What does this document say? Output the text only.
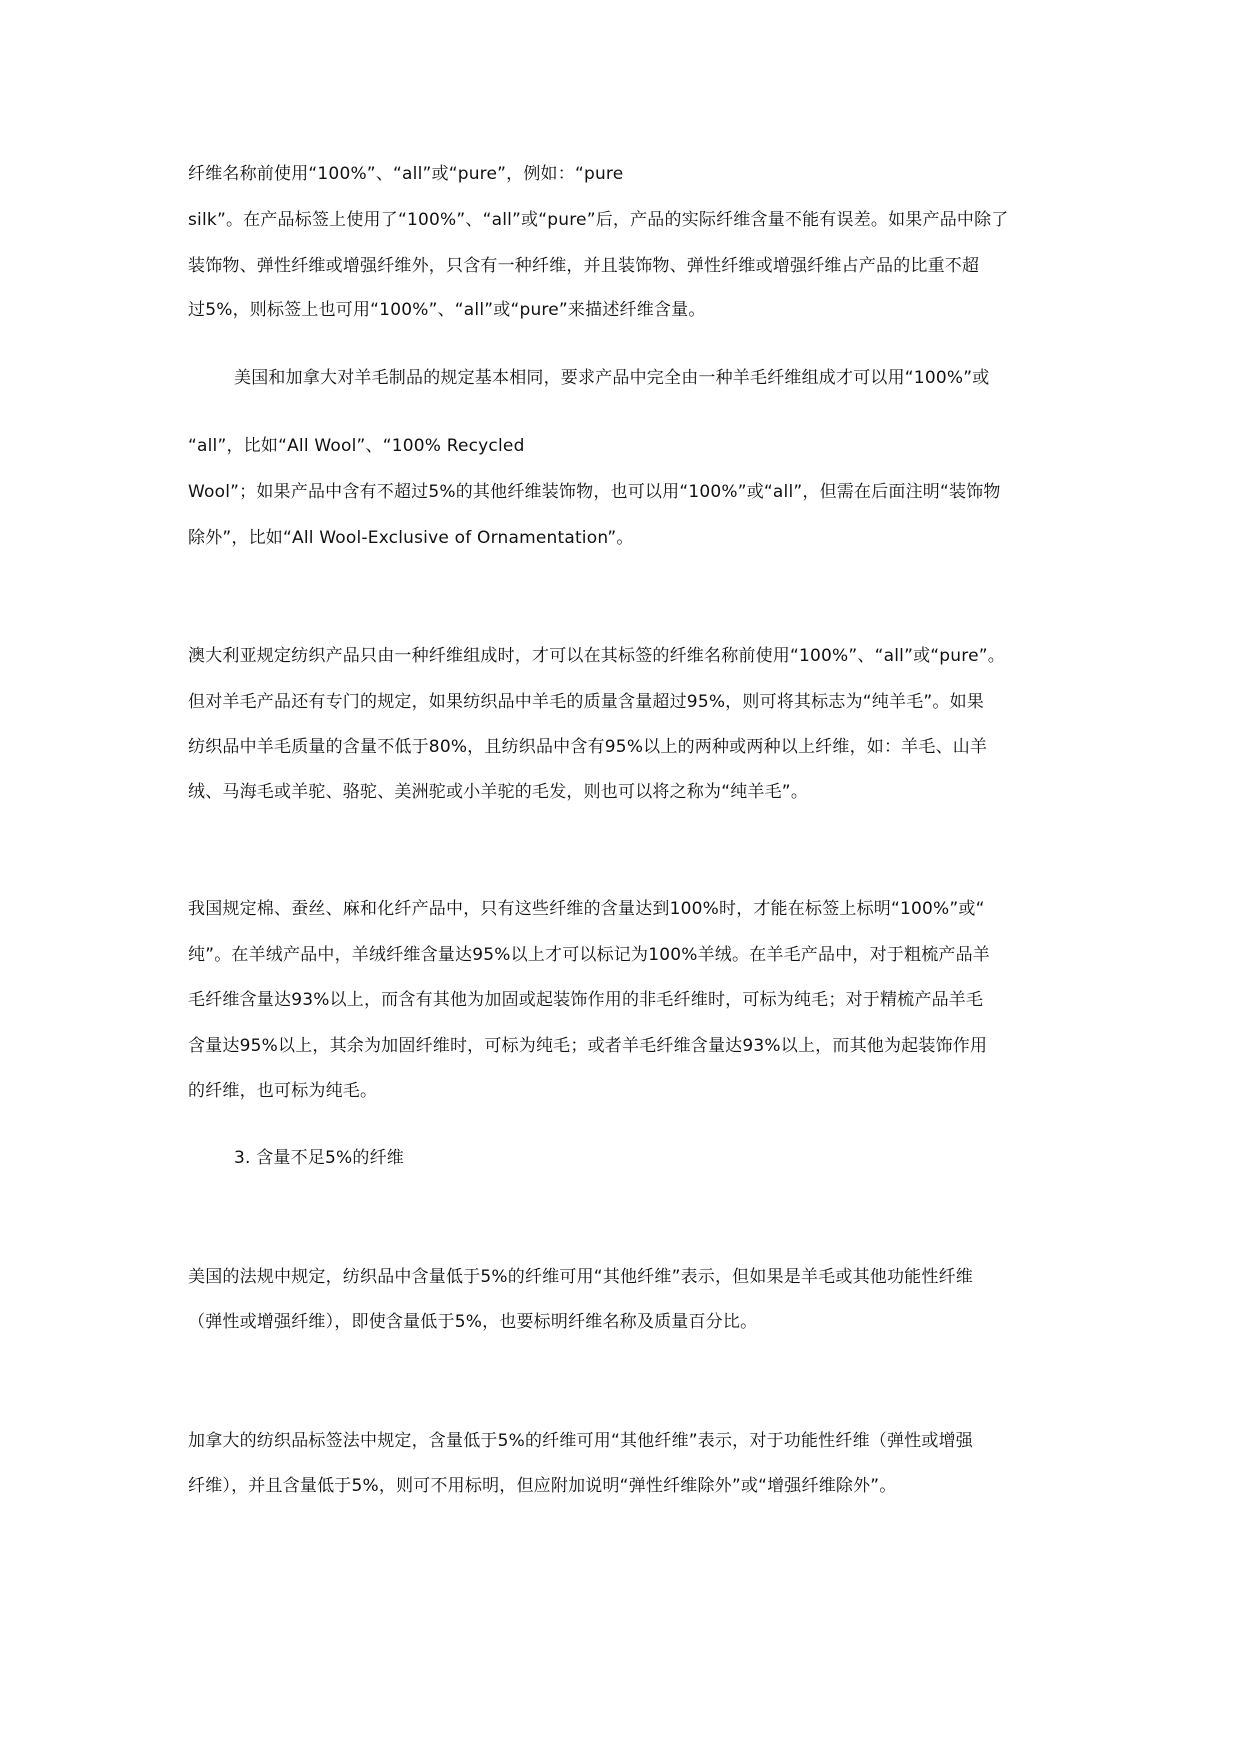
纤维名称前使用“100%”、“all”或“pure”，例如：“pure
silk”。在产品标签上使用了“100%”、“all”或“pure”后，产品的实际纤维含量不能有误差。如果产品中除了
装饰物、弹性纤维或增强纤维外，只含有一种纤维，并且装饰物、弹性纤维或增强纤维占产品的比重不超
过5%，则标签上也可用“100%”、“all”或“pure”来描述纤维含量。
美国和加拿大对羊毛制品的规定基本相同，要求产品中完全由一种羊毛纤维组成才可以用“100%”或
“all”，比如“All Wool”、“100% Recycled
Wool”；如果产品中含有不超过5%的其他纤维装饰物，也可以用“100%”或“all”，但需在后面注明“装饰物
除外”，比如“All Wool-Exclusive of Ornamentation”。
澳大利亚规定纺织产品只由一种纤维组成时，才可以在其标签的纤维名称前使用“100%”、“all”或“pure”。
但对羊毛产品还有专门的规定，如果纺织品中羊毛的质量含量超过95%，则可将其标志为“纯羊毛”。如果
纺织品中羊毛质量的含量不低于80%，且纺织品中含有95%以上的两种或两种以上纤维，如：羊毛、山羊
绒、马海毛或羊驼、骆驼、美洲驼或小羊驼的毛发，则也可以将之称为“纯羊毛”。
我国规定棉、蚕丝、麻和化纤产品中，只有这些纤维的含量达到100%时，才能在标签上标明“100%”或“
纯”。在羊绒产品中，羊绒纤维含量达95%以上才可以标记为100%羊绒。在羊毛产品中，对于粗梳产品羊
毛纤维含量达93%以上，而含有其他为加固或起装饰作用的非毛纤维时，可标为纯毛；对于精梳产品羊毛
含量达95%以上，其余为加固纤维时，可标为纯毛；或者羊毛纤维含量达93%以上，而其他为起装饰作用
的纤维，也可标为纯毛。
3. 含量不足5%的纤维
美国的法规中规定，纺织品中含量低于5%的纤维可用“其他纤维”表示，但如果是羊毛或其他功能性纤维
（弹性或增强纤维），即使含量低于5%，也要标明纤维名称及质量百分比。
加拿大的纺织品标签法中规定，含量低于5%的纤维可用“其他纤维”表示，对于功能性纤维（弹性或增强
纤维），并且含量低于5%，则可不用标明，但应附加说明“弹性纤维除外”或“增强纤维除外”。
